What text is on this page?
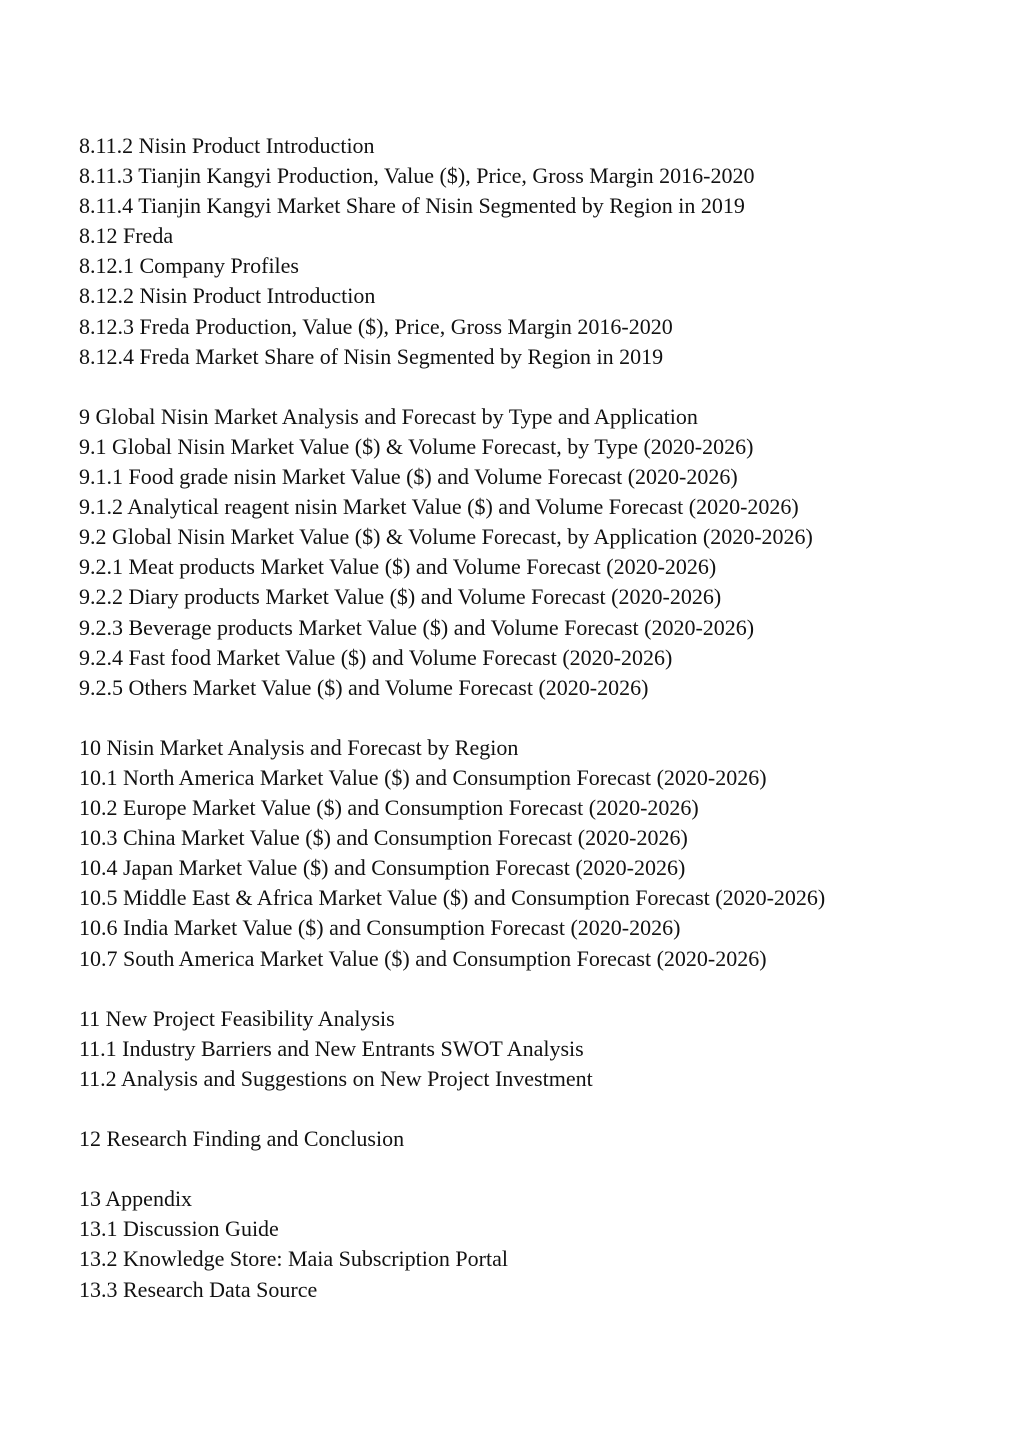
8.11.2 Nisin Product Introduction
8.11.3 Tianjin Kangyi Production, Value ($), Price, Gross Margin 2016-2020
8.11.4 Tianjin Kangyi Market Share of Nisin Segmented by Region in 2019
8.12 Freda
8.12.1 Company Profiles
8.12.2 Nisin Product Introduction
8.12.3 Freda Production, Value ($), Price, Gross Margin 2016-2020
8.12.4 Freda Market Share of Nisin Segmented by Region in 2019
9 Global Nisin Market Analysis and Forecast by Type and Application
9.1 Global Nisin Market Value ($) & Volume Forecast, by Type (2020-2026)
9.1.1 Food grade nisin Market Value ($) and Volume Forecast (2020-2026)
9.1.2 Analytical reagent nisin Market Value ($) and Volume Forecast (2020-2026)
9.2 Global Nisin Market Value ($) & Volume Forecast, by Application (2020-2026)
9.2.1 Meat products Market Value ($) and Volume Forecast (2020-2026)
9.2.2 Diary products Market Value ($) and Volume Forecast (2020-2026)
9.2.3 Beverage products Market Value ($) and Volume Forecast (2020-2026)
9.2.4 Fast food Market Value ($) and Volume Forecast (2020-2026)
9.2.5 Others Market Value ($) and Volume Forecast (2020-2026)
10 Nisin Market Analysis and Forecast by Region
10.1 North America Market Value ($) and Consumption Forecast (2020-2026)
10.2 Europe Market Value ($) and Consumption Forecast (2020-2026)
10.3 China Market Value ($) and Consumption Forecast (2020-2026)
10.4 Japan Market Value ($) and Consumption Forecast (2020-2026)
10.5 Middle East & Africa Market Value ($) and Consumption Forecast (2020-2026)
10.6 India Market Value ($) and Consumption Forecast (2020-2026)
10.7 South America Market Value ($) and Consumption Forecast (2020-2026)
11 New Project Feasibility Analysis
11.1 Industry Barriers and New Entrants SWOT Analysis
11.2 Analysis and Suggestions on New Project Investment
12 Research Finding and Conclusion
13 Appendix
13.1 Discussion Guide
13.2 Knowledge Store: Maia Subscription Portal
13.3 Research Data Source
